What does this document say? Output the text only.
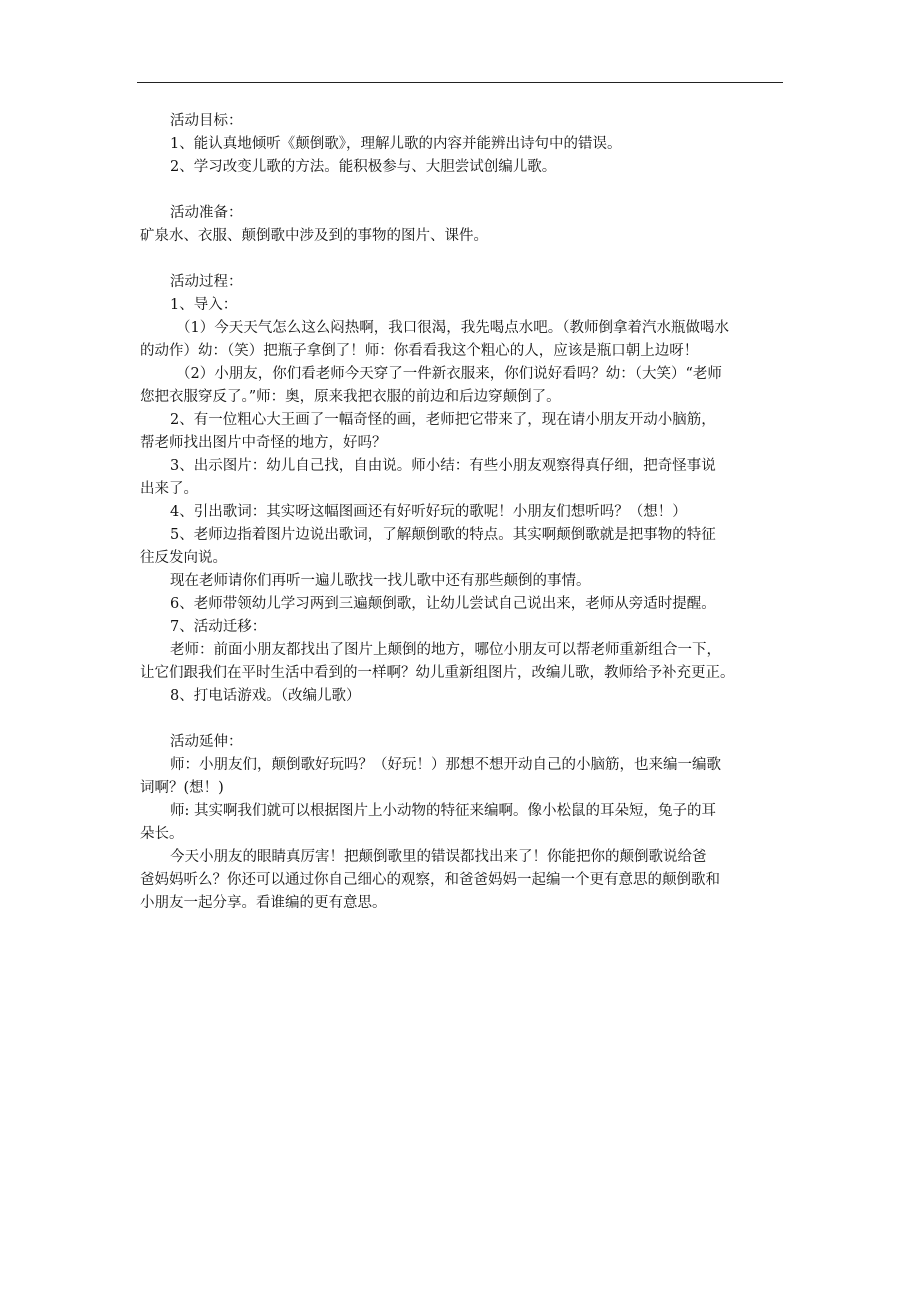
活动目标：
1、能认真地倾听《颠倒歌》，理解儿歌的内容并能辨出诗句中的错误。
2、学习改变儿歌的方法。能积极参与、大胆尝试创编儿歌。
活动准备：
矿泉水、衣服、颠倒歌中涉及到的事物的图片、课件。
活动过程：
1、导入：
（1）今天天气怎么这么闷热啊，我口很渴，我先喝点水吧。（教师倒拿着汽水瓶做喝水
的动作）幼：（笑）把瓶子拿倒了！师：你看看我这个粗心的人，应该是瓶口朝上边呀！
（2）小朋友，你们看老师今天穿了一件新衣服来，你们说好看吗？幼：（大笑）“老师
您把衣服穿反了。”师：奥，原来我把衣服的前边和后边穿颠倒了。
2、有一位粗心大王画了一幅奇怪的画，老师把它带来了，现在请小朋友开动小脑筋，
帮老师找出图片中奇怪的地方，好吗？
3、出示图片：幼儿自己找，自由说。师小结：有些小朋友观察得真仔细，把奇怪事说
出来了。
4、引出歌词：其实呀这幅图画还有好听好玩的歌呢！小朋友们想听吗？（想！）
5、老师边指着图片边说出歌词，了解颠倒歌的特点。其实啊颠倒歌就是把事物的特征
往反发向说。
现在老师请你们再听一遍儿歌找一找儿歌中还有那些颠倒的事情。
6、老师带领幼儿学习两到三遍颠倒歌，让幼儿尝试自己说出来，老师从旁适时提醒。
7、活动迁移：
老师：前面小朋友都找出了图片上颠倒的地方，哪位小朋友可以帮老师重新组合一下，
让它们跟我们在平时生活中看到的一样啊？幼儿重新组图片，改编儿歌，教师给予补充更正。
8、打电话游戏。（改编儿歌）
活动延伸：
师：小朋友们，颠倒歌好玩吗？（好玩！）那想不想开动自己的小脑筋，也来编一编歌
词啊？(想！)
师: 其实啊我们就可以根据图片上小动物的特征来编啊。像小松鼠的耳朵短，兔子的耳
朵长。
今天小朋友的眼睛真厉害！把颠倒歌里的错误都找出来了！你能把你的颠倒歌说给爸
爸妈妈听么？你还可以通过你自己细心的观察，和爸爸妈妈一起编一个更有意思的颠倒歌和
小朋友一起分享。看谁编的更有意思。
